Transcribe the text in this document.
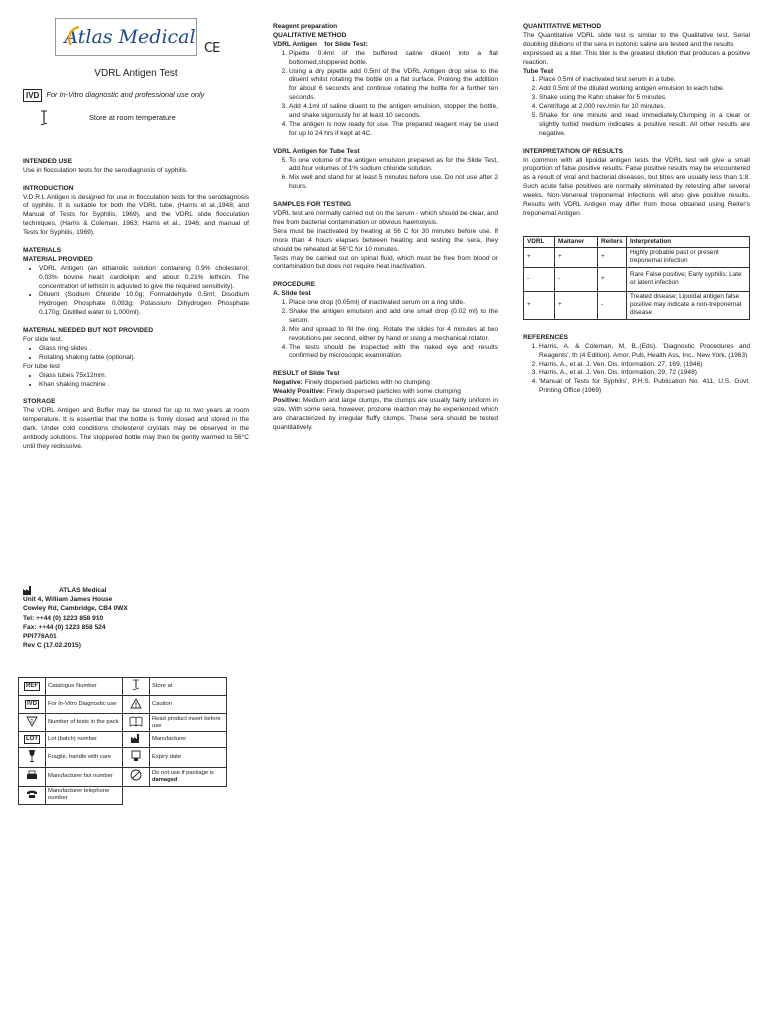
Atlas Medical
CE
VDRL Antigen Test
IVD For In-Vitro diagnostic and professional use only
Store at room temperature

INTENDED USE

Use in flocculation tests for the serodiagnosis of syphilis.

INTRODUCTION

V.D.R.L Antigen is designed for use in flocculation tests for the serodiagnosis of syphilis. It is suitable for both the VDRL tube, (Harris et al.,1948; and Manual of Tests for Syphilis, 1969), and the VDRL slide flocculation techniques, (Harris & Coleman, 1963; Harris et al., 1946; and manual of Tests for Syphilis, 1969).

MATERIALS

MATERIAL PROVIDED

• VDRL Antigen (an ethanolic solution containing 0.9% cholesterol; 0.03% bovine heart cardiolipin and about 0.21% lethicin. The concentration of lethicin is adjusted to give the required sensitivity).
• Diluent (Sodium Chloride 10.0g; Formaldehyde 0.5ml; Disodium Hydrogen Phosphate 0.093g; Potassium Dihydrogen Phosphate 0.170g; Distilled water to 1,000ml).

MATERIAL NEEDED BUT NOT PROVIDED

For slide test.

• Glass ring slides .
• Rotating shaking table (optional).

For tube test

• Glass tubes 75x12mm.
• Khan shaking machine .

STORAGE

The VDRL Antigen and Buffer may be stored for up to two years at room temperature. It is essential that the bottle is firmly closed and stored in the dark. Under cold conditions cholesterol crystals may be observed in the antibody solutions. The stoppered bottle may then be gently warmed to 56°C until they redissolve.

Reagent preparation

QUALITATIVE METHOD

VDRL Antigen    for Slide Test:

1. Pipette 0.4ml of the buffered saline diluent into a flat bottomed,stoppered bottle.
2. Using a dry pipette add 0.5ml of the VDRL Antigen drop wise to the diluent whilst rotating the bottle on a flat surface. Prolong the addition for about 6 seconds and continue rotating the bottle for a further ten seconds.
3. Add 4.1ml of saline diuent to the antigen emulsion, stopper the bottle, and shake vigorously for at least 10 seconds.
4. The antigen is now ready for use. The prepared reagent may be used for up to 24 hrs if kept at 4C.

VDRL Antigen for Tube Test

5. To one volume of the antigen emulsion prepared as for the Slide Test, add four volumes of 1% sodium chloride solution.
6. Mix well and stand for at least 5 minutes before use. Do not use after 2 hours.

SAMPLES FOR TESTING

VDRL test are normally carried out on the serum - which should be clear, and free from bacterial contamination or obvious haemolysis.

Sera must be inactivated by heating at 56 C for 30 minutes before use. If more than 4 hours elapses between heating and testing the sera, they should be reheated at 56°C for 10 minutes.

Tests may be carried out on spinal fluid, which must be free from blood or contamination but does not require heat inactivation.

PROCEDURE

A. Slide test

1. Place one drop (0.05ml) of inactivated serum on a ring slide.
2. Shake the antigen emulsion and add one small drop (0.02 ml) to the serum.
3. Mix and spread to fill the ring. Rotate the slides for 4 minutes at two revolutions per second, either by hand or using a mechanical rotator.
4. The tests should be inspected with the naked eye and results confirmed by microscopic examination.

RESULT of Slide Test

Negative: Finely dispersed particles with no clumping

Weakly Positive: Finely dispersed particles with some clumping

Positive: Medium and large clumps, the clumps are usually fairly uniform in size. With some sera, however, prozone reaction may be experienced which are characterized by irregular fluffy clumps. These sera should be tested quantitatively.

QUANTITATIVE METHOD

The Quantitative VDRL slide test is similar to the Qualitative test. Serial doubling dilutions of the sera in isotonic saline are tested and the results

expressed as a titer. This titer is the greatest dilution that produces a positive reaction.

Tube Test

1. Place 0.5ml of inactivated test serum in a tube.
2. Add 0.5ml of the diluted working antigen emulsion to each tube.
3. Shake using the Kahn shaker for 5 minutes.
4. Centrifuge at 2,000 rev./min for 10 minutes.
5. Shake for one minute and read immediately.Clumping in a clear or slightly turbid medium indicates a positive result. All other results are negative.

INTERPRETATION OF RESULTS

In common with all lipoidal antigen tests the VDRL test will give a small proportion of false positive results. False positive results may be encountered as a result of viral and bacterial diseases, but titres are usually less than 1:8. Such acute false positives are normally eliminated by retesting after several weeks. Non-Venereal treponemal infections will also give positive results. Results with VDRL Antigen may differ from those obtained using Reiter's treponemal Antigen.

VDRL	Maitaner	Reiters	Interpretation
+	+	+	Highly probable past or present treponemal infection
-	-	+	Rare False positive; Early syphilis; Late or latent infection
+	+	-	Treated disease; Lipoidal antigen false positive may indicate a non-treponemal disease

REFERENCES

1. Harris, A. & Coleman, M, B,.(Eds). 'Diagnostic Procedures and Reagents', th (4 Edition). Amor, Pub, Health Ass, Inc,. New York, (1963)
2. Harris, A., et al. J. Ven. Dis. Information. 27, 169, (1946)
3. Harris, A., et al. J. Ven. Dis. Information, 29, 72 (1948)
4. 'Manual of Tests for Syphilis', P.H.S. Publication No. 411, U.S. Govt. Printing Office (1969)
ATLAS Medical
Unit 4, William James House
Cowley Rd, Cambridge, CB4 0WX
Tel: ++44 (0) 1223 858 910
Fax: ++44 (0) 1223 858 524
PPI776A01
Rev C (17.02.2015)
REF	Catalogue Number		Store at
IVD	For In-Vitro Diagnostic use		Caution

Σ	Number of tests in the pack		Read product insert before use
LOT	Lot (batch) number		Manufacturer
	Fragile, handle with care		Expiry date
	Manufacturer fax number		Do not use if package is damaged
	Manufacturer telephone number		
